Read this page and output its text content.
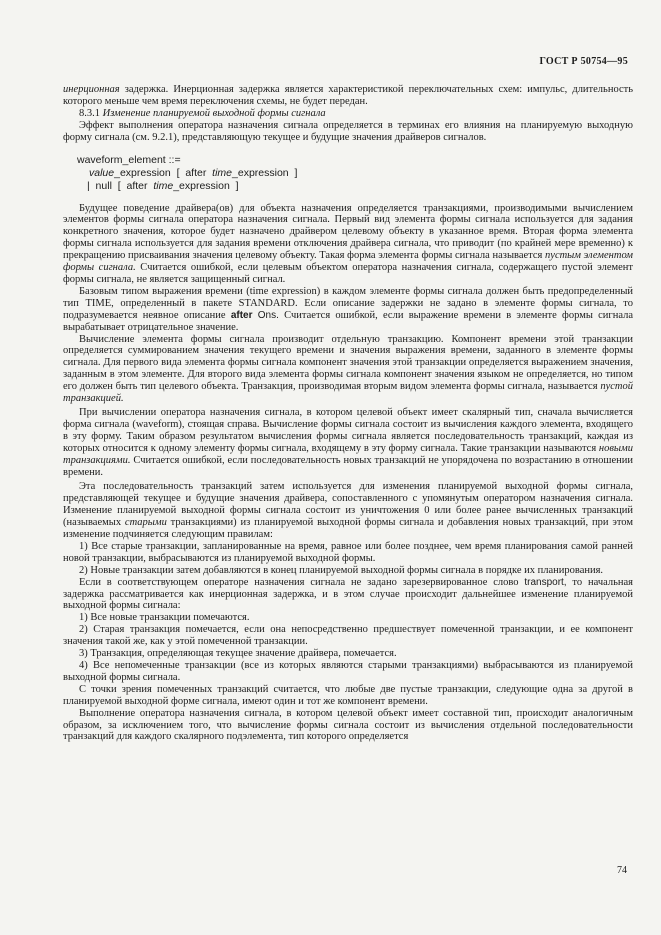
ГОСТ Р 50754—95

инерционная задержка. Инерционная задержка является характеристикой переключательных схем: импульс, длительность которого меньше чем время переключения схемы, не будет передан.

8.3.1 Изменение планируемой выходной формы сигнала

Эффект выполнения оператора назначения сигнала определяется в терминах его влияния на планируемую выходную форму сигнала (см. 9.2.1), представляющую текущее и будущие значения драйверов сигналов.

waveform_element ::=
value_expression  [  after  time_expression  ]
|  null  [  after  time_expression  ]

Будущее поведение драйвера(ов) для объекта назначения определяется транзакциями, производимыми вычислением элементов формы сигнала оператора назначения сигнала. Первый вид элемента формы сигнала используется для задания конкретного значения, которое будет назначено драйвером целевому объекту в указанное время. Вторая форма элемента формы сигнала используется для задания времени отключения драйвера сигнала, что приводит (по крайней мере временно) к прекращению присваивания значения целевому объекту. Такая форма элемента формы сигнала называется пустым элементом формы сигнала. Считается ошибкой, если целевым объектом оператора назначения сигнала, содержащего пустой элемент формы сигнала, не является защищенный сигнал.

Базовым типом выражения времени (time expression) в каждом элементе формы сигнала должен быть предопределенный тип TIME, определенный в пакете STANDARD. Если описание задержки не задано в элементе формы сигнала, то подразумевается неявное описание after Ons. Считается ошибкой, если выражение времени в элементе формы сигнала вырабатывает отрицательное значение.

Вычисление элемента формы сигнала производит отдельную транзакцию. Компонент времени этой транзакции определяется суммированием значения текущего времени и значения выражения времени, заданного в элементе формы сигнала. Для первого вида элемента формы сигнала компонент значения этой транзакции определяется выражением значения, заданным в этом элементе. Для второго вида элемента формы сигнала компонент значения языком не определяется, но типом его должен быть тип целевого объекта. Транзакция, производимая вторым видом элемента формы сигнала, называется пустой транзакцией.

При вычислении оператора назначения сигнала, в котором целевой объект имеет скалярный тип, сначала вычисляется форма сигнала (waveform), стоящая справа. Вычисление формы сигнала состоит из вычисления каждого элемента, входящего в эту форму. Таким образом результатом вычисления формы сигнала является последовательность транзакций, каждая из которых относится к одному элементу формы сигнала, входящему в эту форму сигнала. Такие транзакции называются новыми транзакциями. Считается ошибкой, если последовательность новых транзакций не упорядочена по возрастанию в отношении времени.

Эта последовательность транзакций затем используется для изменения планируемой выходной формы сигнала, представляющей текущее и будущие значения драйвера, сопоставленного с упомянутым оператором назначения сигнала. Изменение планируемой выходной формы сигнала состоит из уничтожения 0 или более ранее вычисленных транзакций (называемых старыми транзакциями) из планируемой выходной формы сигнала и добавления новых транзакций, при этом изменение подчиняется следующим правилам:

1) Все старые транзакции, запланированные на время, равное или более позднее, чем время планирования самой ранней новой транзакции, выбрасываются из планируемой выходной формы.

2) Новые транзакции затем добавляются в конец планируемой выходной формы сигнала в порядке их планирования.

Если в соответствующем операторе назначения сигнала не задано зарезервированное слово transport, то начальная задержка рассматривается как инерционная задержка, и в этом случае происходит дальнейшее изменение планируемой выходной формы сигнала:

1) Все новые транзакции помечаются.

2) Старая транзакция помечается, если она непосредственно предшествует помеченной транзакции, и ее компонент значения такой же, как у этой помеченной транзакции.

3) Транзакция, определяющая текущее значение драйвера, помечается.

4) Все непомеченные транзакции (все из которых являются старыми транзакциями) выбрасываются из планируемой выходной формы сигнала.

С точки зрения помеченных транзакций считается, что любые две пустые транзакции, следующие одна за другой в планируемой выходной форме сигнала, имеют один и тот же компонент времени.

Выполнение оператора назначения сигнала, в котором целевой объект имеет составной тип, происходит аналогичным образом, за исключением того, что вычисление формы сигнала состоит из вычисления отдельной последовательности транзакций для каждого скалярного подэлемента, тип которого определяется

74
